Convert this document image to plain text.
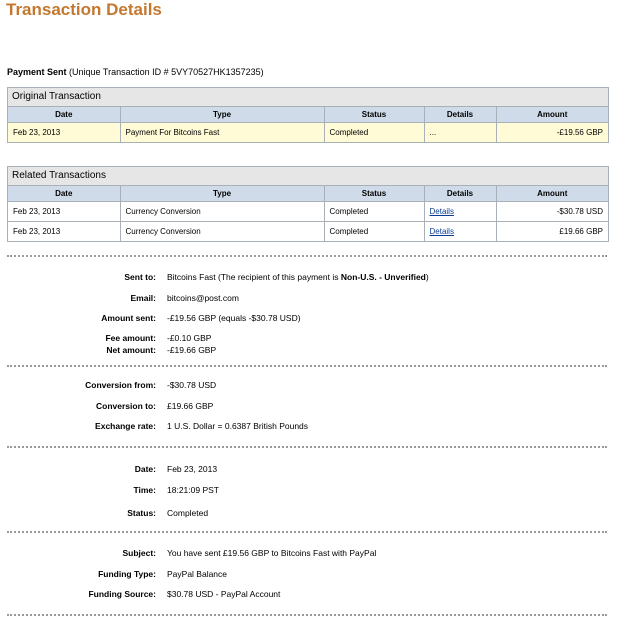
Transaction Details
Payment Sent (Unique Transaction ID # 5VY70527HK1357235)
Original Transaction
Date	Type	Status	Details	Amount
Feb 23, 2013	Payment For Bitcoins Fast	Completed	...	-£19.56 GBP
Related Transactions
Date	Type	Status	Details	Amount
Feb 23, 2013	Currency Conversion	Completed	Details	-$30.78 USD
Feb 23, 2013	Currency Conversion	Completed	Details	£19.66 GBP
Sent to: Bitcoins Fast (The recipient of this payment is Non-U.S. - Unverified)
Email: bitcoins@post.com
Amount sent: -£19.56 GBP (equals -$30.78 USD)
Fee amount: -£0.10 GBP
Net amount: -£19.66 GBP
Conversion from: -$30.78 USD
Conversion to: £19.66 GBP
Exchange rate: 1 U.S. Dollar = 0.6387 British Pounds
Date: Feb 23, 2013
Time: 18:21:09 PST
Status: Completed
Subject: You have sent £19.56 GBP to Bitcoins Fast with PayPal
Funding Type: PayPal Balance
Funding Source: $30.78 USD - PayPal Account
